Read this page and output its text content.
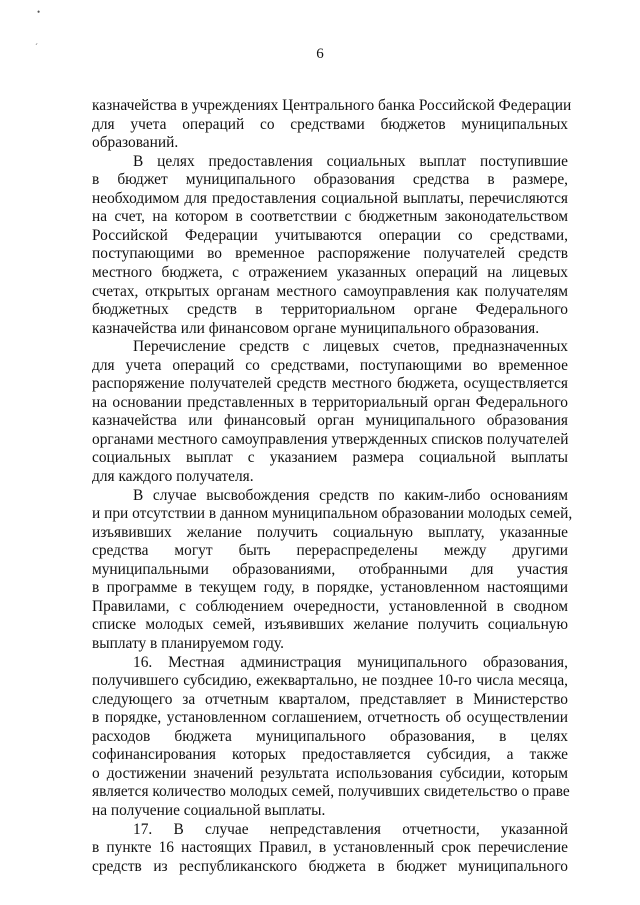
•
´	6
казначейства в учреждениях Центрального банка Российской Федерации
для учета операций со средствами бюджетов муниципальных
образований.
В целях предоставления социальных выплат поступившие
в бюджет муниципального образования средства в размере,
необходимом для предоставления социальной выплаты, перечисляются
на счет, на котором в соответствии с бюджетным законодательством
Российской Федерации учитываются операции со средствами,
поступающими во временное распоряжение получателей средств
местного бюджета, с отражением указанных операций на лицевых
счетах, открытых органам местного самоуправления как получателям
бюджетных средств в территориальном органе Федерального
казначейства или финансовом органе муниципального образования.
Перечисление средств с лицевых счетов, предназначенных
для учета операций со средствами, поступающими во временное
распоряжение получателей средств местного бюджета, осуществляется
на основании представленных в территориальный орган Федерального
казначейства или финансовый орган муниципального образования
органами местного самоуправления утвержденных списков получателей
социальных выплат с указанием размера социальной выплаты
для каждого получателя.
В случае высвобождения средств по каким-либо основаниям
и при отсутствии в данном муниципальном образовании молодых семей,
изъявивших желание получить социальную выплату, указанные
средства могут быть перераспределены между другими
муниципальными образованиями, отобранными для участия
в программе в текущем году, в порядке, установленном настоящими
Правилами, с соблюдением очередности, установленной в сводном
списке молодых семей, изъявивших желание получить социальную
выплату в планируемом году.
16. Местная администрация муниципального образования,
получившего субсидию, ежеквартально, не позднее 10-го числа месяца,
следующего за отчетным кварталом, представляет в Министерство
в порядке, установленном соглашением, отчетность об осуществлении
расходов бюджета муниципального образования, в целях
софинансирования которых предоставляется субсидия, а также
о достижении значений результата использования субсидии, которым
является количество молодых семей, получивших свидетельство о праве
на получение социальной выплаты.
17. В случае непредставления отчетности, указанной
в пункте 16 настоящих Правил, в установленный срок перечисление
средств из республиканского бюджета в бюджет муниципального
